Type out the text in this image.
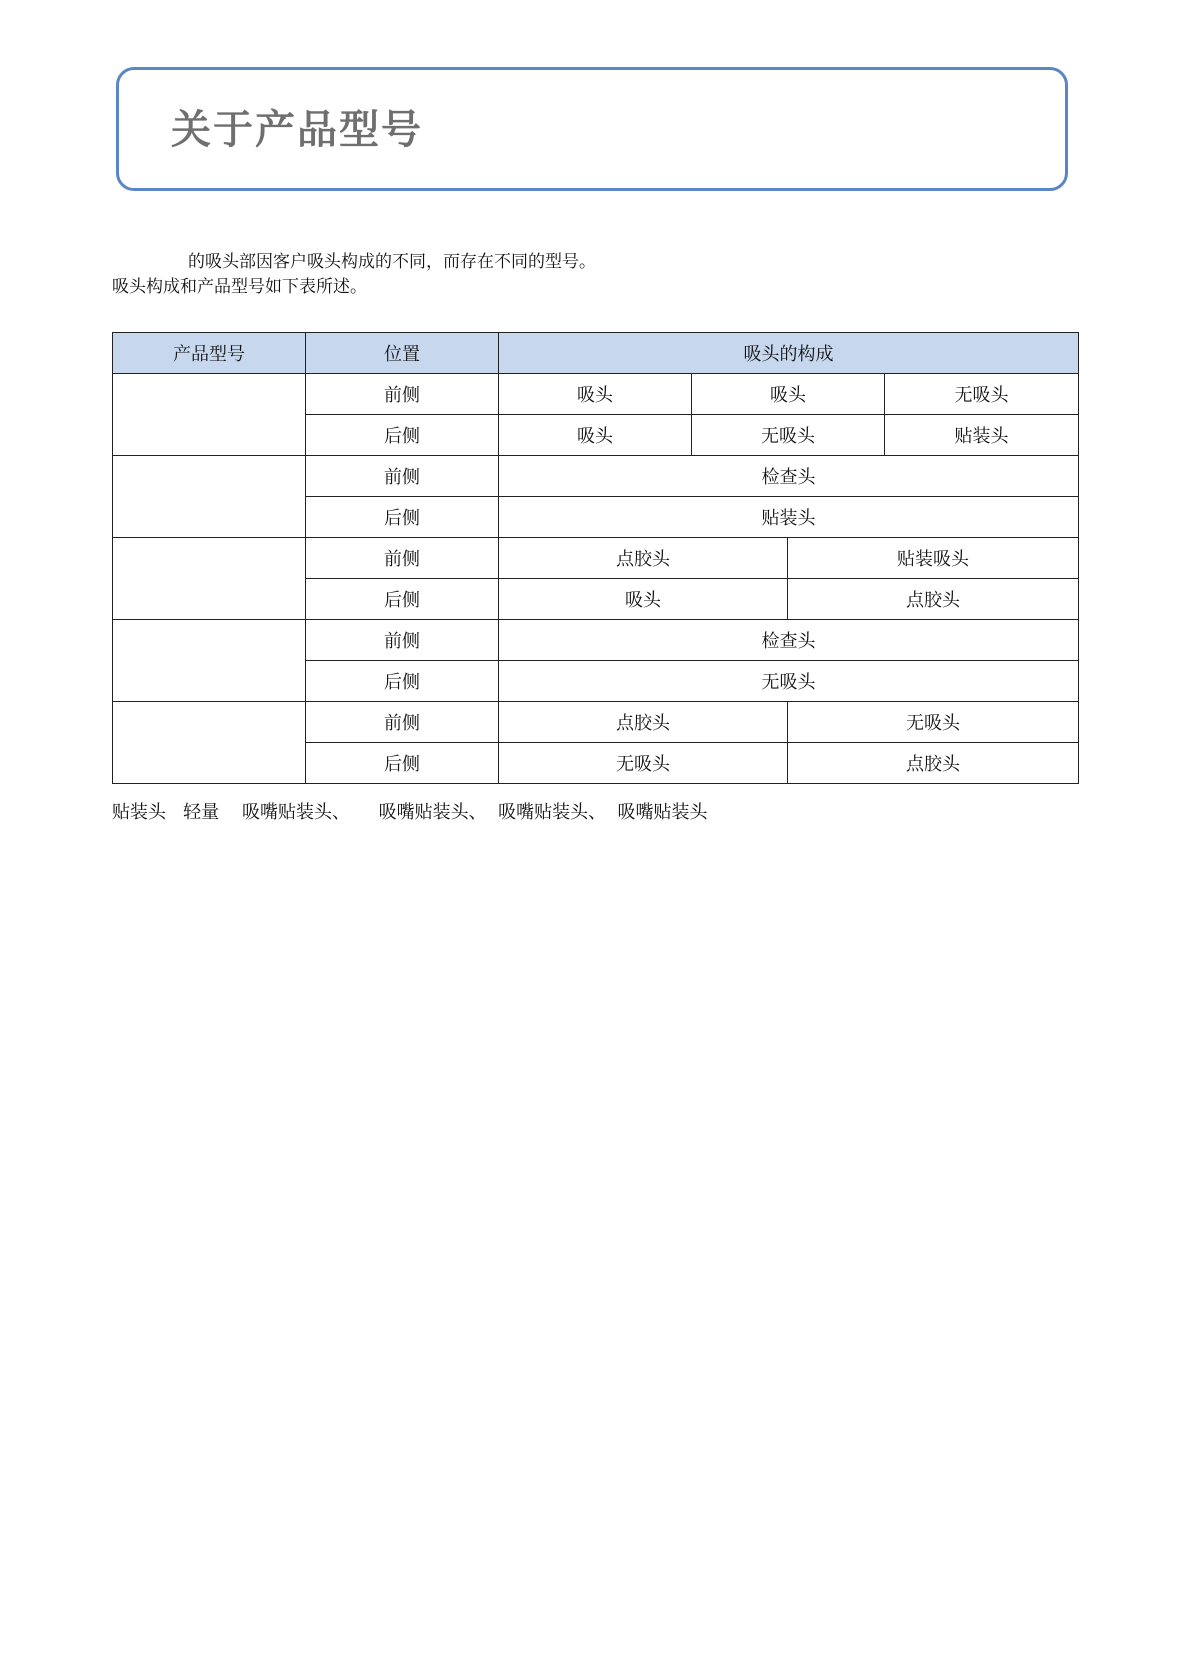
关于产品型号
的吸头部因客户吸头构成的不同，而存在不同的型号。
吸头构成和产品型号如下表所述。
产品型号	位置	吸头的构成			
	前侧	吸头	吸头		无吸头
	后侧	吸头	无吸头		贴装头
	前侧	检查头			
	后侧	贴装头			
	前侧	点胶头		贴装吸头	
	后侧	吸头		点胶头	
	前侧	检查头			
	后侧	无吸头			
	前侧	点胶头		无吸头	
	后侧	无吸头		点胶头	
贴装头   轻量    吸嘴贴装头、     吸嘴贴装头、  吸嘴贴装头、  吸嘴贴装头
